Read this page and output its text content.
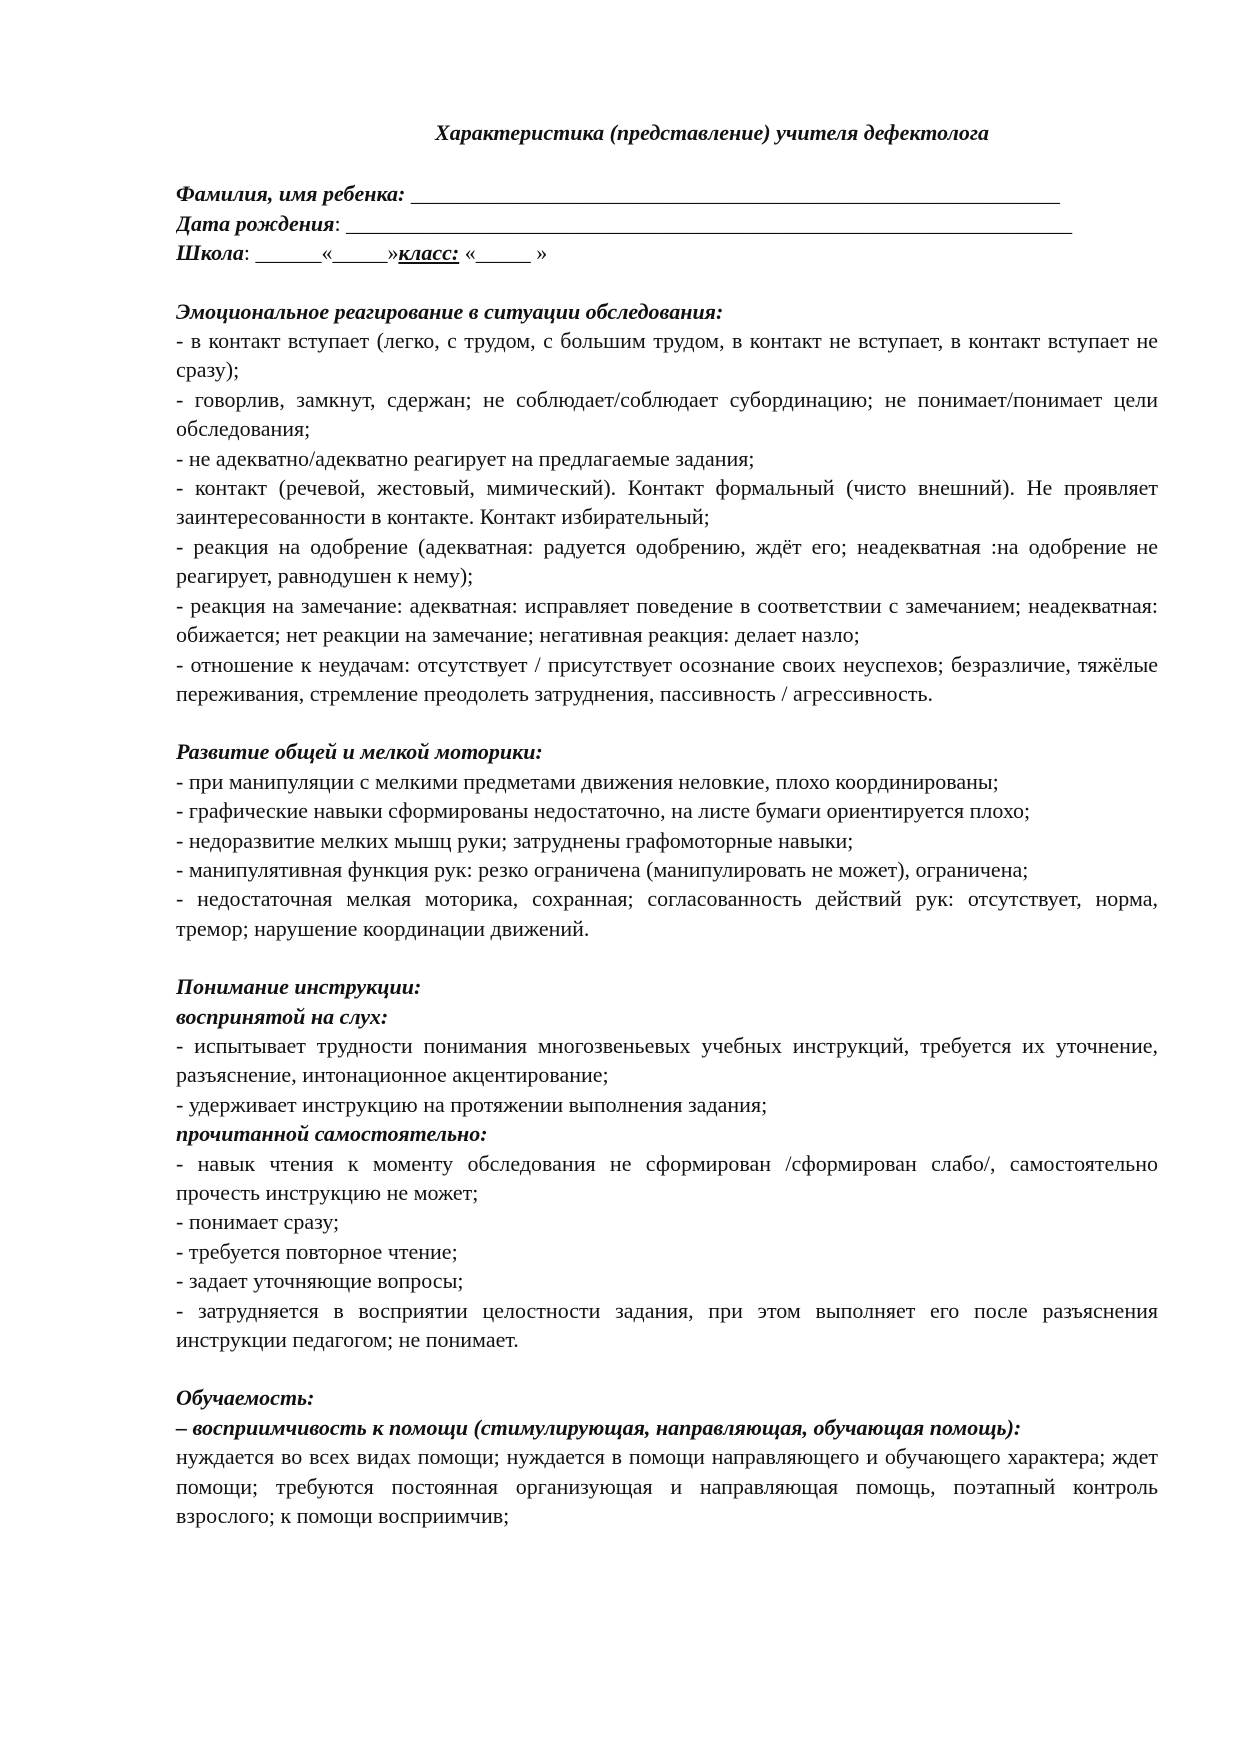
Характеристика (представление) учителя дефектолога
Фамилия, имя ребенка: ___________________________________________________________
Дата рождения: __________________________________________________________________
Школа: ______«_____»класс: «_____ »
Эмоциональное реагирование в ситуации обследования:
- в контакт вступает (легко, с трудом, с большим трудом, в контакт не вступает, в контакт вступает не сразу);
- говорлив, замкнут, сдержан; не соблюдает/соблюдает субординацию; не понимает/понимает цели обследования;
- не адекватно/адекватно реагирует на предлагаемые задания;
- контакт (речевой, жестовый, мимический). Контакт формальный (чисто внешний). Не проявляет заинтересованности в контакте. Контакт избирательный;
- реакция на одобрение (адекватная: радуется одобрению, ждёт его; неадекватная :на одобрение не реагирует, равнодушен к нему);
- реакция на замечание: адекватная: исправляет поведение в соответствии с замечанием; неадекватная: обижается; нет реакции на замечание; негативная реакция: делает назло;
- отношение к неудачам: отсутствует / присутствует осознание своих неуспехов; безразличие, тяжёлые переживания, стремление преодолеть затруднения, пассивность / агрессивность.
Развитие общей и мелкой моторики:
- при манипуляции с мелкими предметами движения неловкие, плохо координированы;
- графические навыки сформированы недостаточно, на листе бумаги ориентируется плохо;
- недоразвитие мелких мышц руки; затруднены графомоторные навыки;
- манипулятивная функция рук: резко ограничена (манипулировать не может), ограничена;
- недостаточная мелкая моторика, сохранная; согласованность действий рук: отсутствует, норма, тремор; нарушение координации движений.
Понимание инструкции:
воспринятой на слух:
- испытывает трудности понимания многозвеньевых учебных инструкций, требуется их уточнение, разъяснение, интонационное акцентирование;
- удерживает инструкцию на протяжении выполнения задания;
прочитанной самостоятельно:
- навык чтения к моменту обследования не сформирован /сформирован слабо/, самостоятельно прочесть инструкцию не может;
- понимает сразу;
- требуется повторное чтение;
- задает уточняющие вопросы;
- затрудняется в восприятии целостности задания, при этом выполняет его после разъяснения инструкции педагогом; не понимает.
Обучаемость:
– восприимчивость к помощи (стимулирующая, направляющая, обучающая помощь):
нуждается во всех видах помощи; нуждается в помощи направляющего и обучающего характера; ждет помощи; требуются постоянная организующая и направляющая помощь, поэтапный контроль взрослого; к помощи восприимчив;
